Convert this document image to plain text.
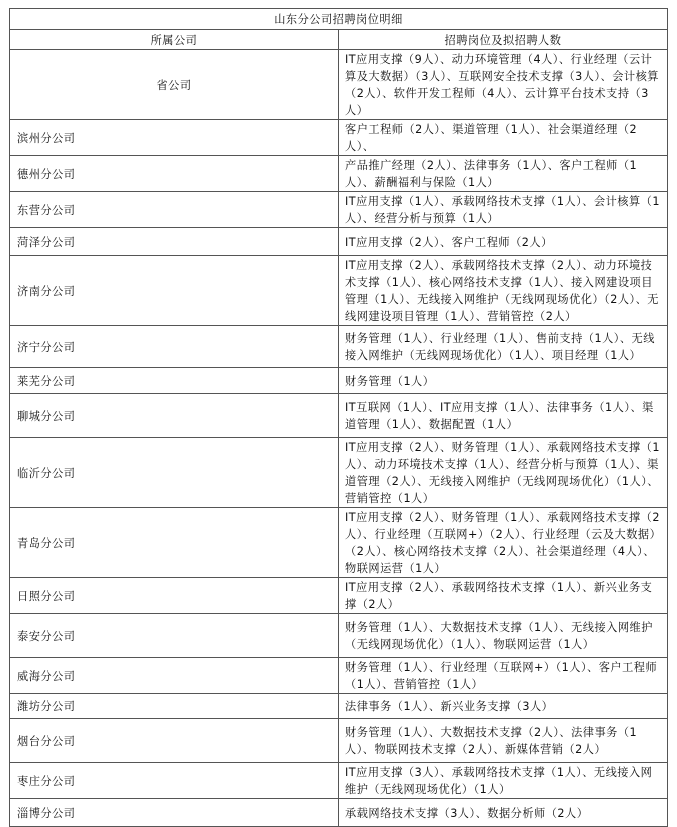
山东分公司招聘岗位明细	
所属公司	招聘岗位及拟招聘人数
省公司	IT应用支撑（9人）、动力环境管理（4人）、行业经理（云计算及大数据）（3人）、互联网安全技术支撑（3人）、会计核算（2人）、软件开发工程师（4人）、云计算平台技术支持（3人）
滨州分公司	客户工程师（2人）、渠道管理（1人）、社会渠道经理（2人）、
德州分公司	产品推广经理（2人）、法律事务（1人）、客户工程师（1人）、薪酬福利与保险（1人）
东营分公司	IT应用支撑（1人）、承载网络技术支撑（1人）、会计核算（1人）、经营分析与预算（1人）
菏泽分公司	IT应用支撑（2人）、客户工程师（2人）
济南分公司	IT应用支撑（2人）、承载网络技术支撑（2人）、动力环境技术支撑（1人）、核心网络技术支撑（1人）、接入网建设项目管理（1人）、无线接入网维护（无线网现场优化）（2人）、无线网建设项目管理（1人）、营销管控（2人）
济宁分公司	财务管理（1人）、行业经理（1人）、售前支持（1人）、无线接入网维护（无线网现场优化）（1人）、项目经理（1人）
莱芜分公司	财务管理（1人）
聊城分公司	IT互联网（1人）、IT应用支撑（1人）、法律事务（1人）、渠道管理（1人）、数据配置（1人）
临沂分公司	IT应用支撑（2人）、财务管理（1人）、承载网络技术支撑（1人）、动力环境技术支撑（1人）、经营分析与预算（1人）、渠道管理（2人）、无线接入网维护（无线网现场优化）（1人）、营销管控（1人）
青岛分公司	IT应用支撑（2人）、财务管理（1人）、承载网络技术支撑（2人）、行业经理（互联网+）（2人）、行业经理（云及大数据）（2人）、核心网络技术支撑（2人）、社会渠道经理（4人）、物联网运营（1人）
日照分公司	IT应用支撑（2人）、承载网络技术支撑（1人）、新兴业务支撑（2人）
泰安分公司	财务管理（1人）、大数据技术支撑（1人）、无线接入网维护（无线网现场优化）（1人）、物联网运营（1人）
威海分公司	财务管理（1人）、行业经理（互联网+）（1人）、客户工程师（1人）、营销管控（1人）
潍坊分公司	法律事务（1人）、新兴业务支撑（3人）
烟台分公司	财务管理（1人）、大数据技术支撑（2人）、法律事务（1人）、物联网技术支撑（2人）、新媒体营销（2人）
枣庄分公司	IT应用支撑（3人）、承载网络技术支撑（1人）、无线接入网维护（无线网现场优化）（1人）
淄博分公司	承载网络技术支撑（3人）、数据分析师（2人）
